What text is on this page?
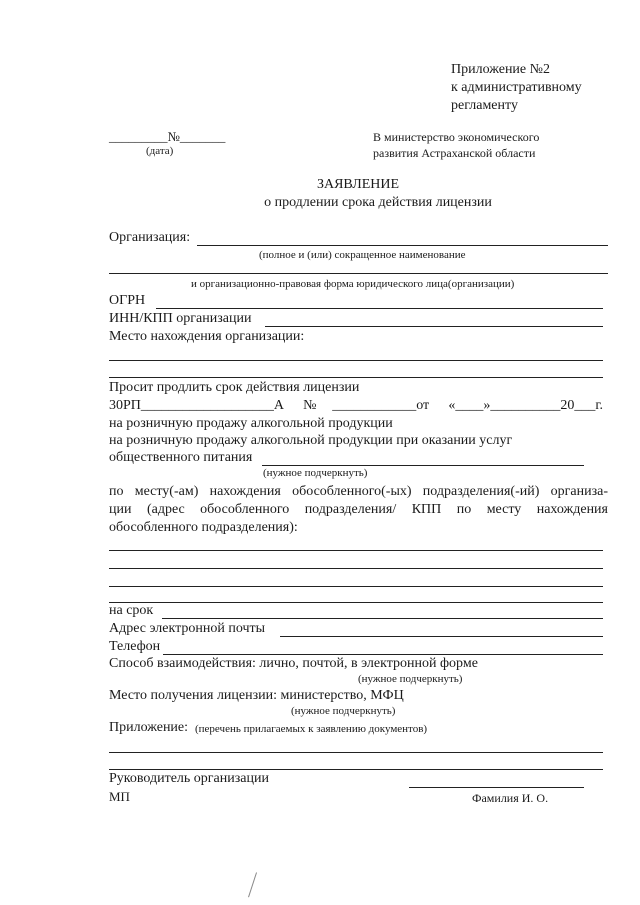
Приложение №2
к административному
регламенту
_________№_______
(дата)
В министерство экономического
развития Астраханской области
ЗАЯВЛЕНИЕ
о продлении срока действия лицензии
Организация:
(полное и (или) сокращенное наименование
и организационно-правовая форма юридического лица(организации)
ОГРН
ИНН/КПП организации
Место нахождения организации:
Просит продлить срок действия лицензии
30РП___________________А №____________от «____»__________20___г.
на розничную продажу алкогольной продукции
на розничную продажу алкогольной продукции при оказании услуг
общественного питания
(нужное подчеркнуть)
по месту(-ам) нахождения обособленного(-ых) подразделения(-ий) организа-
ции (адрес обособленного подразделения/ КПП по месту нахождения
обособленного подразделения):
на срок
Адрес электронной почты
Телефон
Способ взаимодействия: лично, почтой, в электронной форме
(нужное подчеркнуть)
Место получения лицензии: министерство, МФЦ
(нужное подчеркнуть)
Приложение: (перечень прилагаемых к заявлению документов)
Руководитель организации
МП	Фамилия И. О.
